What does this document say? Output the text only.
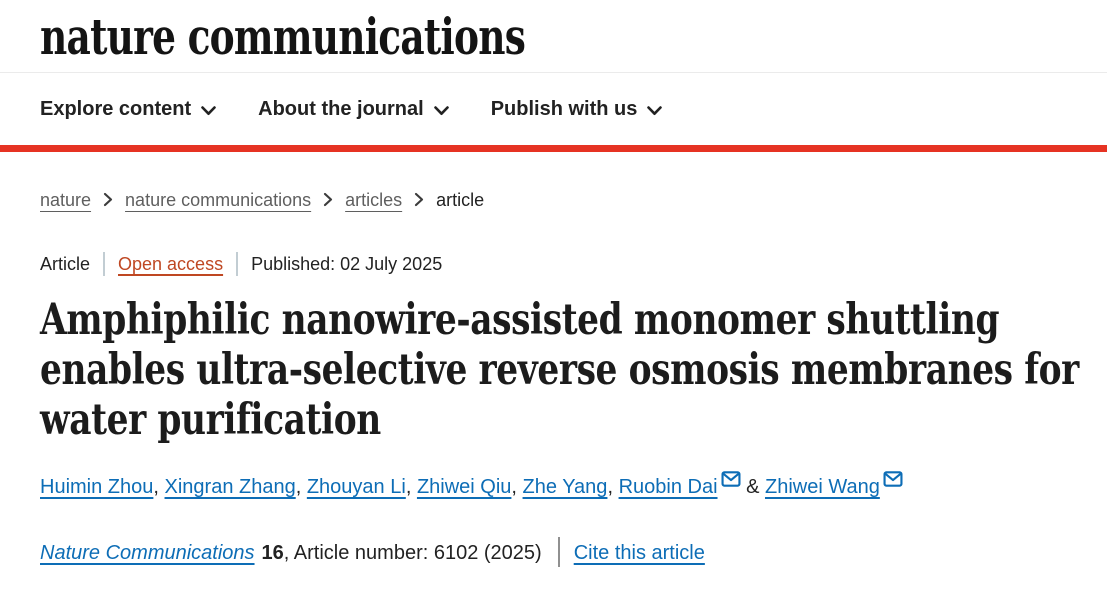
nature communications
Explore content	About the journal	Publish with us
nature nature communications articles article

Article Open access Published: 02 July 2025

Amphiphilic nanowire-assisted monomer shuttling
enables ultra-selective reverse osmosis membranes for
water purification

Huimin Zhou, Xingran Zhang, Zhouyan Li, Zhiwei Qiu, Zhe Yang, Ruobin Dai & Zhiwei Wang

Nature Communications 16, Article number: 6102 (2025) Cite this article
